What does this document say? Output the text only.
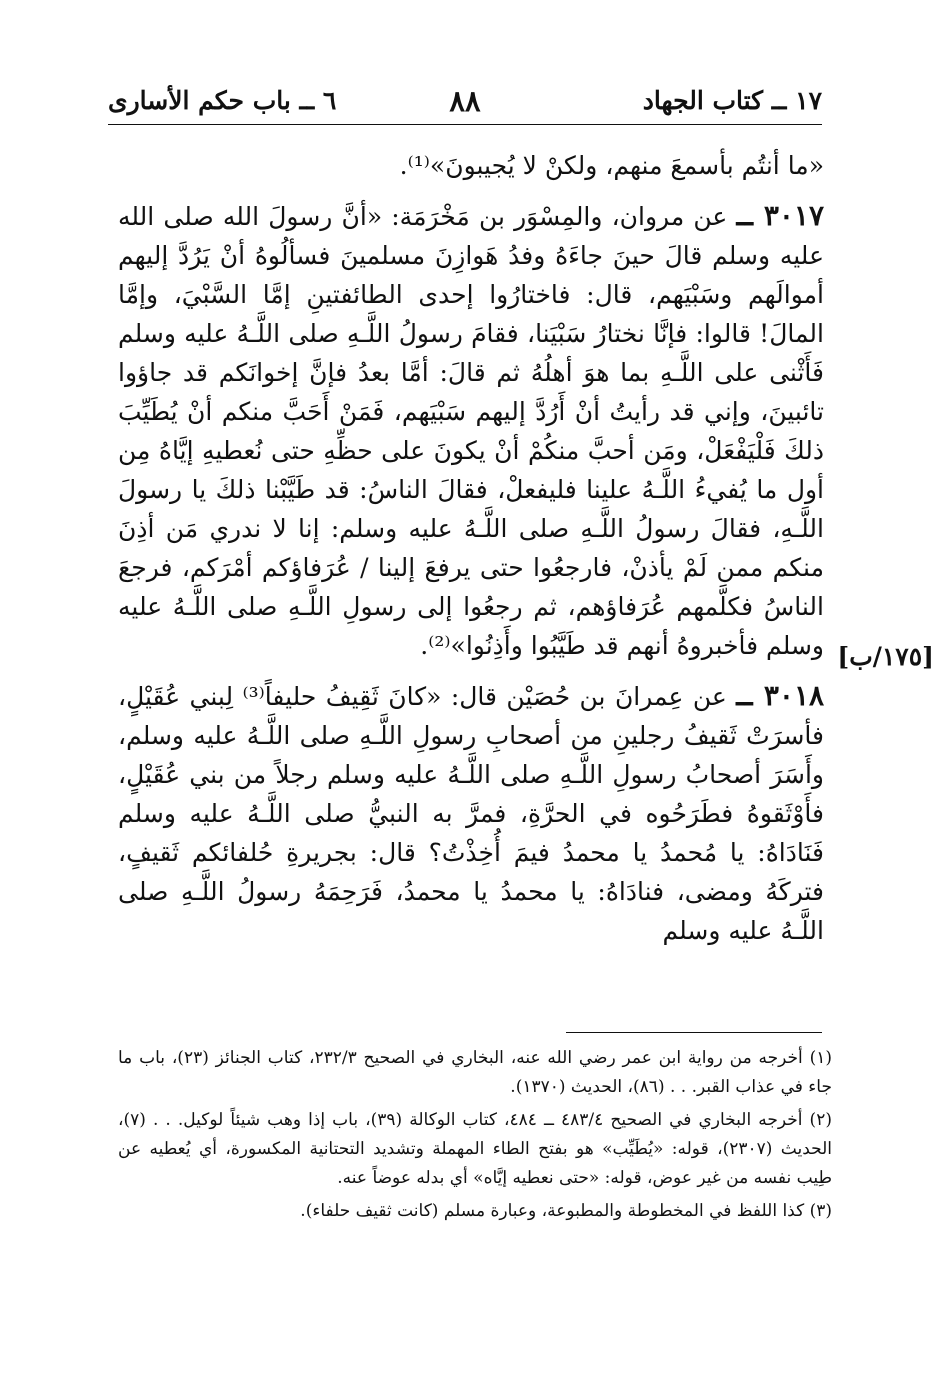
١٧ ــ كتاب الجهاد
٨٨
٦ ــ باب حكم الأسارى

«ما أنتُم بأسمعَ منهم، ولكنْ لا يُجيبونَ»⁽¹⁾.

٣٠١٧ ــ عن مروان، والمِسْوَر بن مَخْرَمَة: «أنَّ رسولَ الله صلى الله عليه وسلم قالَ حينَ جاءَهُ وفدُ هَوازِنَ مسلمينَ فسألُوهُ أنْ يَرُدَّ إليهم أموالَهم وسَبْيَهم، قال: فاختارُوا إحدى الطائفتينِ إمَّا السَّبْيَ، وإمَّا المالَ! قالوا: فإنَّا نختارُ سَبْيَنا، فقامَ رسولُ اللَّـهِ صلى اللَّـهُ عليه وسلم فَأَثْنى على اللَّـهِ بما هوَ أهلُهُ ثم قالَ: أمَّا بعدُ فإنَّ إخوانَكم قد جاؤوا تائبينَ، وإني قد رأيتُ أنْ أَرُدَّ إليهم سَبْيَهم، فَمَنْ أَحَبَّ منكم أنْ يُطَيِّبَ ذلكَ فَلْيَفْعَلْ، ومَن أحبَّ منكُمْ أنْ يكونَ على حظِّهِ حتى نُعطيهِ إيَّاهُ مِن أول ما يُفيءُ اللَّـهُ علينا فليفعلْ، فقالَ الناسُ: قد طَيَّبْنا ذلكَ يا رسولَ اللَّـهِ، فقالَ رسولُ اللَّـهِ صلى اللَّـهُ عليه وسلم: إنا لا ندري مَن أذِنَ منكم ممن لَمْ يأذنْ، فارجعُوا حتى يرفعَ إلينا / عُرَفاؤكم أمْرَكم، فرجعَ الناسُ فكلَّمهم عُرَفاؤهم، ثم رجعُوا إلى رسولِ اللَّـهِ صلى اللَّـهُ عليه وسلم فأخبروهُ أنهم قد طَيَّبُوا وأَذِنُوا»⁽²⁾.

٣٠١٨ ــ عن عِمرانَ بن حُصَيْن قال: «كانَ ثَقِيفُ حليفاً⁽³⁾ لِبني عُقَيْلٍ، فأسرَتْ ثَقيفُ رجلينِ من أصحابِ رسولِ اللَّـهِ صلى اللَّـهُ عليه وسلم، وأَسَرَ أصحابُ رسولِ اللَّـهِ صلى اللَّـهُ عليه وسلم رجلاً من بني عُقَيْلٍ، فأَوْثَقوهُ فطَرَحُوه في الحرَّةِ، فمرَّ به النبيُّ صلى اللَّـهُ عليه وسلم فَنَادَاهُ: يا مُحمدُ يا محمدُ فيمَ أُخِذْتُ؟ قال: بجريرةِ حُلفائكم ثَقيفٍ، فتركَهُ ومضى، فنادَاهُ: يا محمدُ يا محمدُ، فَرَحِمَهُ رسولُ اللَّـهِ صلى اللَّـهُ عليه وسلم

[١٧٥/ب]

(١) أخرجه من رواية ابن عمر رضي الله عنه، البخاري في الصحيح ٢٣٢/٣، كتاب الجنائز (٢٣)، باب ما جاء في عذاب القبر. . . (٨٦)، الحديث (١٣٧٠).

(٢) أخرجه البخاري في الصحيح ٤٨٣/٤ ــ ٤٨٤، كتاب الوكالة (٣٩)، باب إذا وهب شيئاً لوكيل. . . (٧)، الحديث (٢٣٠٧)، قوله: «يُطَيِّب» هو بفتح الطاء المهملة وتشديد التحتانية المكسورة، أي يُعطيه عن طِيب نفسه من غير عوض، قوله: «حتى نعطيه إيَّاه» أي بدله عوضاً عنه.

(٣) كذا اللفظ في المخطوطة والمطبوعة، وعبارة مسلم (كانت ثقيف حلفاء).
